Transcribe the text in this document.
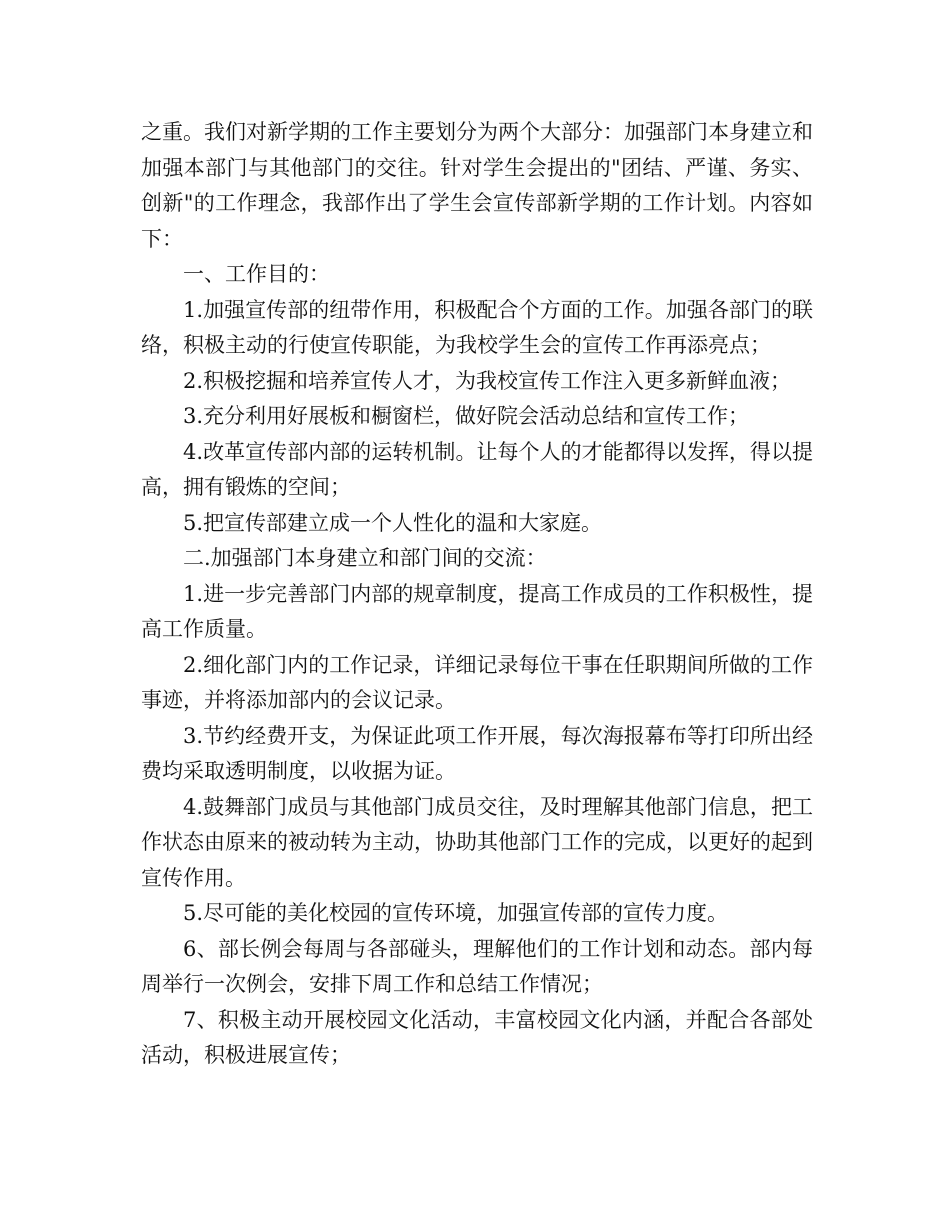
之重。我们对新学期的工作主要划分为两个大部分：加强部门本身建立和加强本部门与其他部门的交往。针对学生会提出的"团结、严谨、务实、创新"的工作理念，我部作出了学生会宣传部新学期的工作计划。内容如下：

一、工作目的：

1.加强宣传部的纽带作用，积极配合个方面的工作。加强各部门的联络，积极主动的行使宣传职能，为我校学生会的宣传工作再添亮点；

2.积极挖掘和培养宣传人才，为我校宣传工作注入更多新鲜血液；

3.充分利用好展板和橱窗栏，做好院会活动总结和宣传工作；

4.改革宣传部内部的运转机制。让每个人的才能都得以发挥，得以提高，拥有锻炼的空间；

5.把宣传部建立成一个人性化的温和大家庭。

二.加强部门本身建立和部门间的交流：

1.进一步完善部门内部的规章制度，提高工作成员的工作积极性，提高工作质量。

2.细化部门内的工作记录，详细记录每位干事在任职期间所做的工作事迹，并将添加部内的会议记录。

3.节约经费开支，为保证此项工作开展，每次海报幕布等打印所出经费均采取透明制度，以收据为证。

4.鼓舞部门成员与其他部门成员交往，及时理解其他部门信息，把工作状态由原来的被动转为主动，协助其他部门工作的完成，以更好的起到宣传作用。

5.尽可能的美化校园的宣传环境，加强宣传部的宣传力度。

6、部长例会每周与各部碰头，理解他们的工作计划和动态。部内每周举行一次例会，安排下周工作和总结工作情况；

7、积极主动开展校园文化活动，丰富校园文化内涵，并配合各部处活动，积极进展宣传；
